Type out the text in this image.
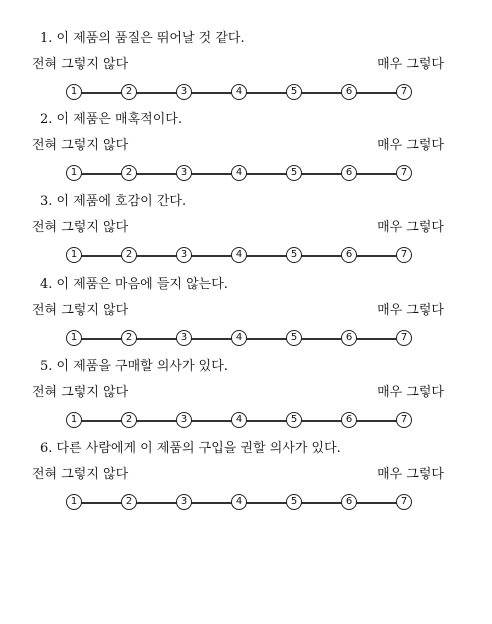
1. 이 제품의 품질은 뛰어날 것 같다.
전혀 그렇지 않다	매우 그렇다
1	2	3	4	5	6	7
2. 이 제품은 매혹적이다.
전혀 그렇지 않다	매우 그렇다
1	2	3	4	5	6	7
3. 이 제품에 호감이 간다.
전혀 그렇지 않다	매우 그렇다
1	2	3	4	5	6	7
4. 이 제품은 마음에 들지 않는다.
전혀 그렇지 않다	매우 그렇다
1	2	3	4	5	6	7
5. 이 제품을 구매할 의사가 있다.
전혀 그렇지 않다	매우 그렇다
1	2	3	4	5	6	7
6. 다른 사람에게 이 제품의 구입을 권할 의사가 있다.
전혀 그렇지 않다	매우 그렇다
1	2	3	4	5	6	7
